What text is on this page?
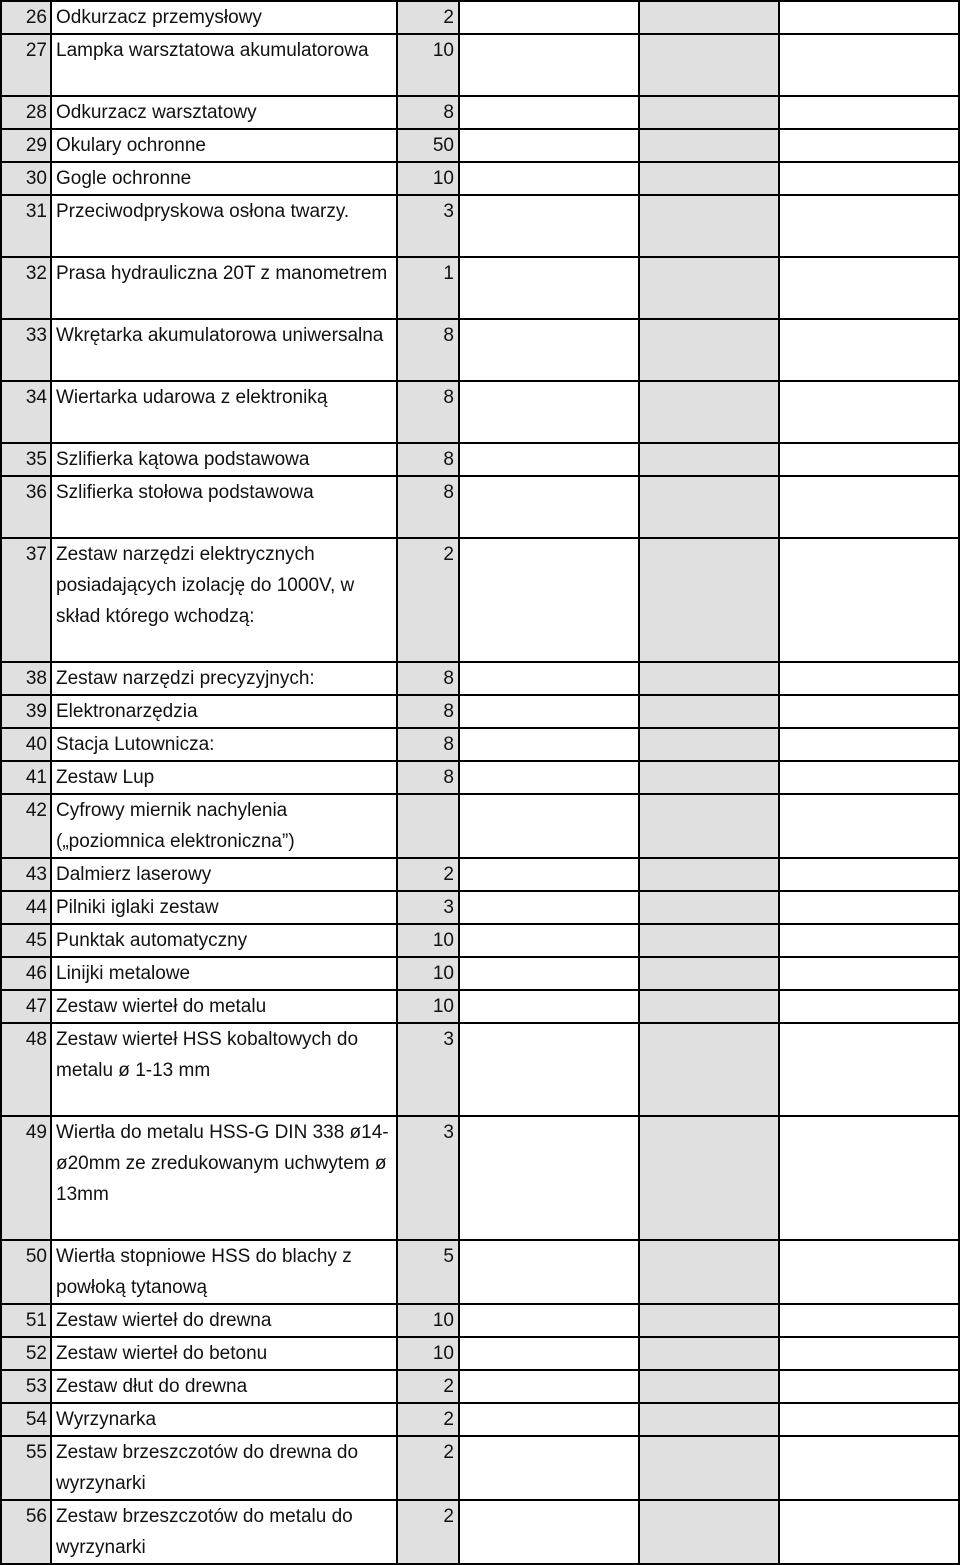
26	Odkurzacz przemysłowy	2			
27	Lampka warsztatowa akumulatorowa	10			
28	Odkurzacz warsztatowy	8			
29	Okulary ochronne	50			
30	Gogle ochronne	10			
31	Przeciwodpryskowa osłona twarzy.	3			
32	Prasa hydrauliczna 20T z manometrem	1			
33	Wkrętarka akumulatorowa uniwersalna	8			
34	Wiertarka udarowa z elektroniką	8			
35	Szlifierka kątowa podstawowa	8			
36	Szlifierka stołowa podstawowa	8			
37	Zestaw narzędzi elektrycznych posiadających izolację do 1000V, w skład którego wchodzą:	2			
38	Zestaw narzędzi precyzyjnych:	8			
39	Elektronarzędzia	8			
40	Stacja Lutownicza:	8			
41	Zestaw Lup	8			
42	Cyfrowy miernik nachylenia („poziomnica elektroniczna”)				
43	Dalmierz laserowy	2			
44	Pilniki iglaki zestaw	3			
45	Punktak automatyczny	10			
46	Linijki metalowe	10			
47	Zestaw wierteł do metalu	10			
48	Zestaw wierteł HSS kobaltowych do metalu ø 1-13 mm	3			
49	Wiertła do metalu HSS-G DIN 338 ø14-ø20mm ze zredukowanym uchwytem ø 13mm	3			
50	Wiertła stopniowe HSS do blachy z powłoką tytanową	5			
51	Zestaw wierteł do drewna	10			
52	Zestaw wierteł do betonu	10			
53	Zestaw dłut do drewna	2			
54	Wyrzynarka	2			
55	Zestaw brzeszczotów do drewna do wyrzynarki	2			
56	Zestaw brzeszczotów do metalu do wyrzynarki	2			
